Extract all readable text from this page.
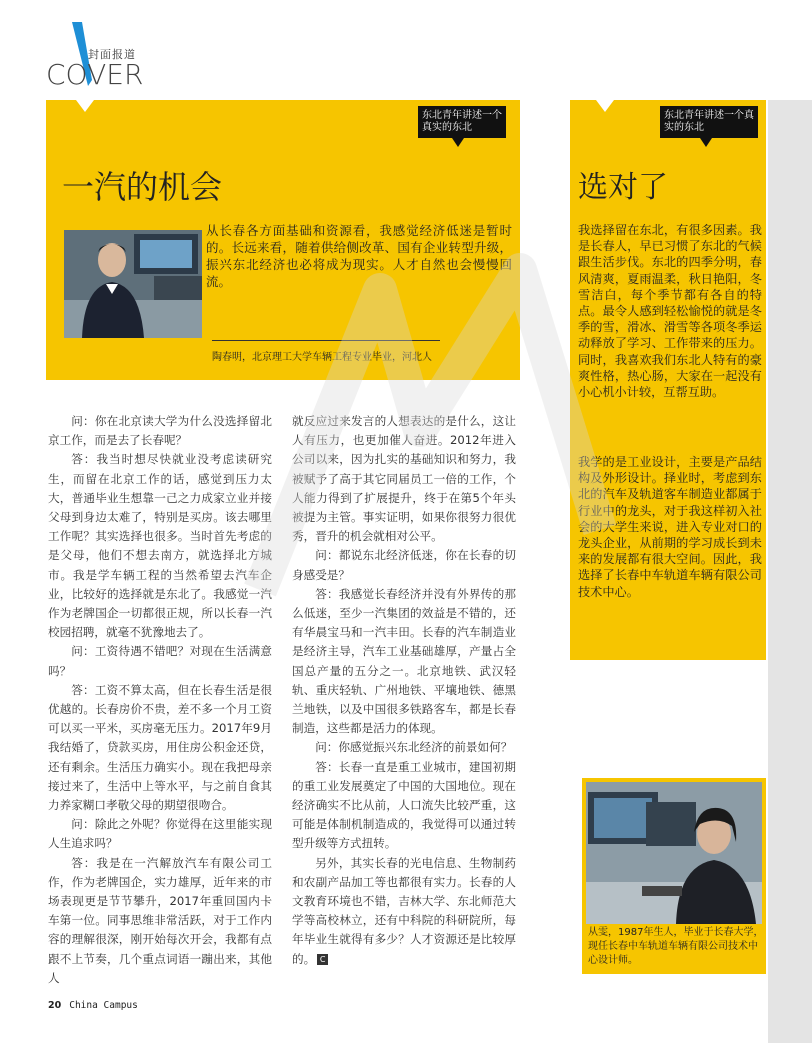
封面报道
COVER
东北青年讲述一个真实的东北
一汽的机会
从长春各方面基础和资源看，我感觉经济低迷是暂时的。长远来看，随着供给侧改革、国有企业转型升级，振兴东北经济也必将成为现实。人才自然也会慢慢回流。
陶春明，北京理工大学车辆工程专业毕业，河北人
东北青年讲述一个真实的东北
选对了
我选择留在东北，有很多因素。我是长春人，早已习惯了东北的气候跟生活步伐。东北的四季分明，春风清爽，夏雨温柔，秋日艳阳，冬雪洁白，每个季节都有各自的特点。最令人感到轻松愉悦的就是冬季的雪，滑冰、滑雪等各项冬季运动释放了学习、工作带来的压力。同时，我喜欢我们东北人特有的豪爽性格，热心肠，大家在一起没有小心机小计较，互帮互助。
我学的是工业设计，主要是产品结构及外形设计。择业时，考虑到东北的汽车及轨道客车制造业都属于行业中的龙头，对于我这样初入社会的大学生来说，进入专业对口的龙头企业，从前期的学习成长到未来的发展都有很大空间。因此，我选择了长春中车轨道车辆有限公司技术中心。
从雯，1987年生人，毕业于长春大学，现任长春中车轨道车辆有限公司技术中心设计师。

问：你在北京读大学为什么没选择留北京工作，而是去了长春呢？

答：我当时想尽快就业没考虑读研究生，而留在北京工作的话，感觉到压力太大，普通毕业生想靠一己之力成家立业并接父母到身边太难了，特别是买房。该去哪里工作呢？其实选择也很多。当时首先考虑的是父母，他们不想去南方，就选择北方城市。我是学车辆工程的当然希望去汽车企业，比较好的选择就是东北了。我感觉一汽作为老牌国企一切都很正规，所以长春一汽校园招聘，就毫不犹豫地去了。

问：工资待遇不错吧？对现在生活满意吗？

答：工资不算太高，但在长春生活是很优越的。长春房价不贵，差不多一个月工资可以买一平米，买房毫无压力。2017年9月我结婚了，贷款买房，用住房公积金还贷，还有剩余。生活压力确实小。现在我把母亲接过来了，生活中上等水平，与之前自食其力养家糊口孝敬父母的期望很吻合。

问：除此之外呢？你觉得在这里能实现人生追求吗？

答：我是在一汽解放汽车有限公司工作，作为老牌国企，实力雄厚，近年来的市场表现更是节节攀升，2017年重回国内卡车第一位。同事思维非常活跃，对于工作内容的理解很深，刚开始每次开会，我都有点跟不上节奏，几个重点词语一蹦出来，其他人

就反应过来发言的人想表达的是什么，这让人有压力，也更加催人奋进。2012年进入公司以来，因为扎实的基础知识和努力，我被赋予了高于其它同届员工一倍的工作，个人能力得到了扩展提升，终于在第5个年头被提为主管。事实证明，如果你很努力很优秀，晋升的机会就相对公平。

问：都说东北经济低迷，你在长春的切身感受是？

答：我感觉长春经济并没有外界传的那么低迷，至少一汽集团的效益是不错的，还有华晨宝马和一汽丰田。长春的汽车制造业是经济主导，汽车工业基础雄厚，产量占全国总产量的五分之一。北京地铁、武汉轻轨、重庆轻轨、广州地铁、平壤地铁、德黑兰地铁，以及中国很多铁路客车，都是长春制造，这些都是活力的体现。

问：你感觉振兴东北经济的前景如何？

答：长春一直是重工业城市，建国初期的重工业发展奠定了中国的大国地位。现在经济确实不比从前，人口流失比较严重，这可能是体制机制造成的，我觉得可以通过转型升级等方式扭转。

另外，其实长春的光电信息、生物制药和农副产品加工等也都很有实力。长春的人文教育环境也不错，吉林大学、东北师范大学等高校林立，还有中科院的科研院所，每年毕业生就得有多少？人才资源还是比较厚的。 C

20 China Campus
